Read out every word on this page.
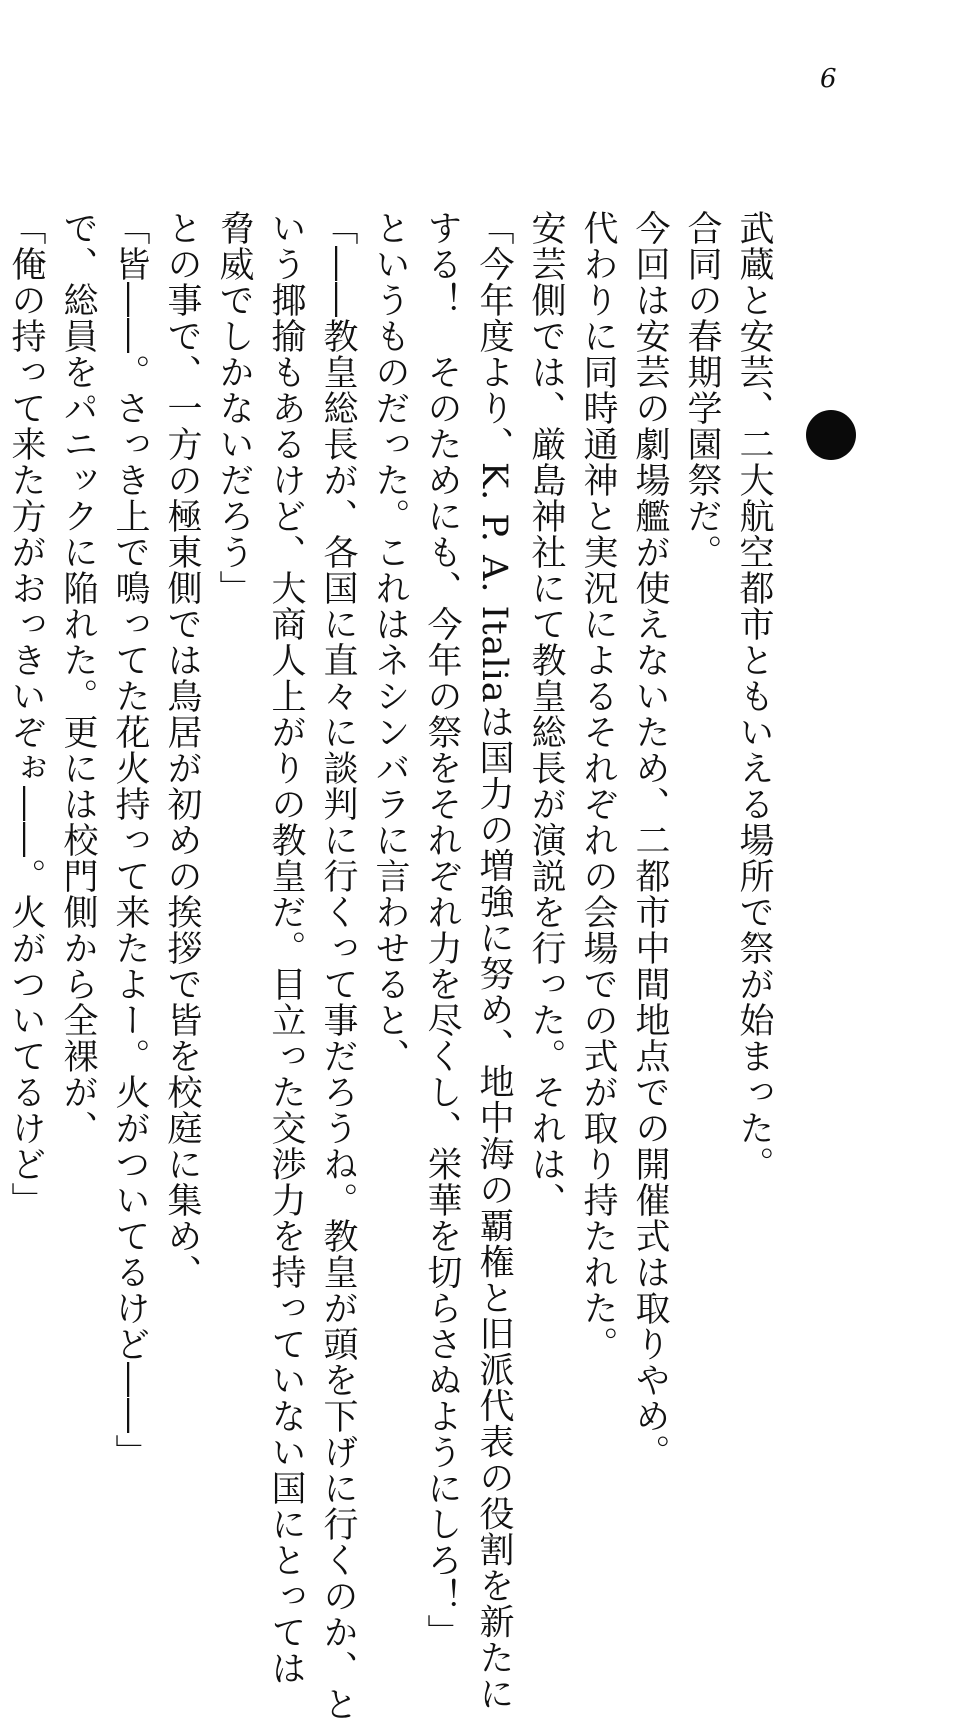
6
武蔵と安芸、二大航空都市ともいえる場所で祭が始まった。
合同の春期学園祭だ。
今回は安芸の劇場艦が使えないため、二都市中間地点での開催式は取りやめ。
代わりに同時通神と実況によるそれぞれの会場での式が取り持たれた。
安芸側では、厳島神社にて教皇総長が演説を行った。それは、
「今年度より、K. P. A. Italiaは国力の増強に努め、地中海の覇権と旧派代表の役割を新たに
する！　そのためにも、今年の祭をそれぞれ力を尽くし、栄華を切らさぬようにしろ！」
というものだった。これはネシンバラに言わせると、
「――教皇総長が、各国に直々に談判に行くって事だろうね。教皇が頭を下げに行くのか、と
いう揶揄もあるけど、大商人上がりの教皇だ。目立った交渉力を持っていない国にとっては
脅威でしかないだろう」
との事で、一方の極東側では鳥居が初めの挨拶で皆を校庭に集め、
「皆――。さっき上で鳴ってた花火持って来たよー。火がついてるけど――」
で、総員をパニックに陥れた。更には校門側から全裸が、
「俺の持って来た方がおっきいぞぉ――。火がついてるけど」
